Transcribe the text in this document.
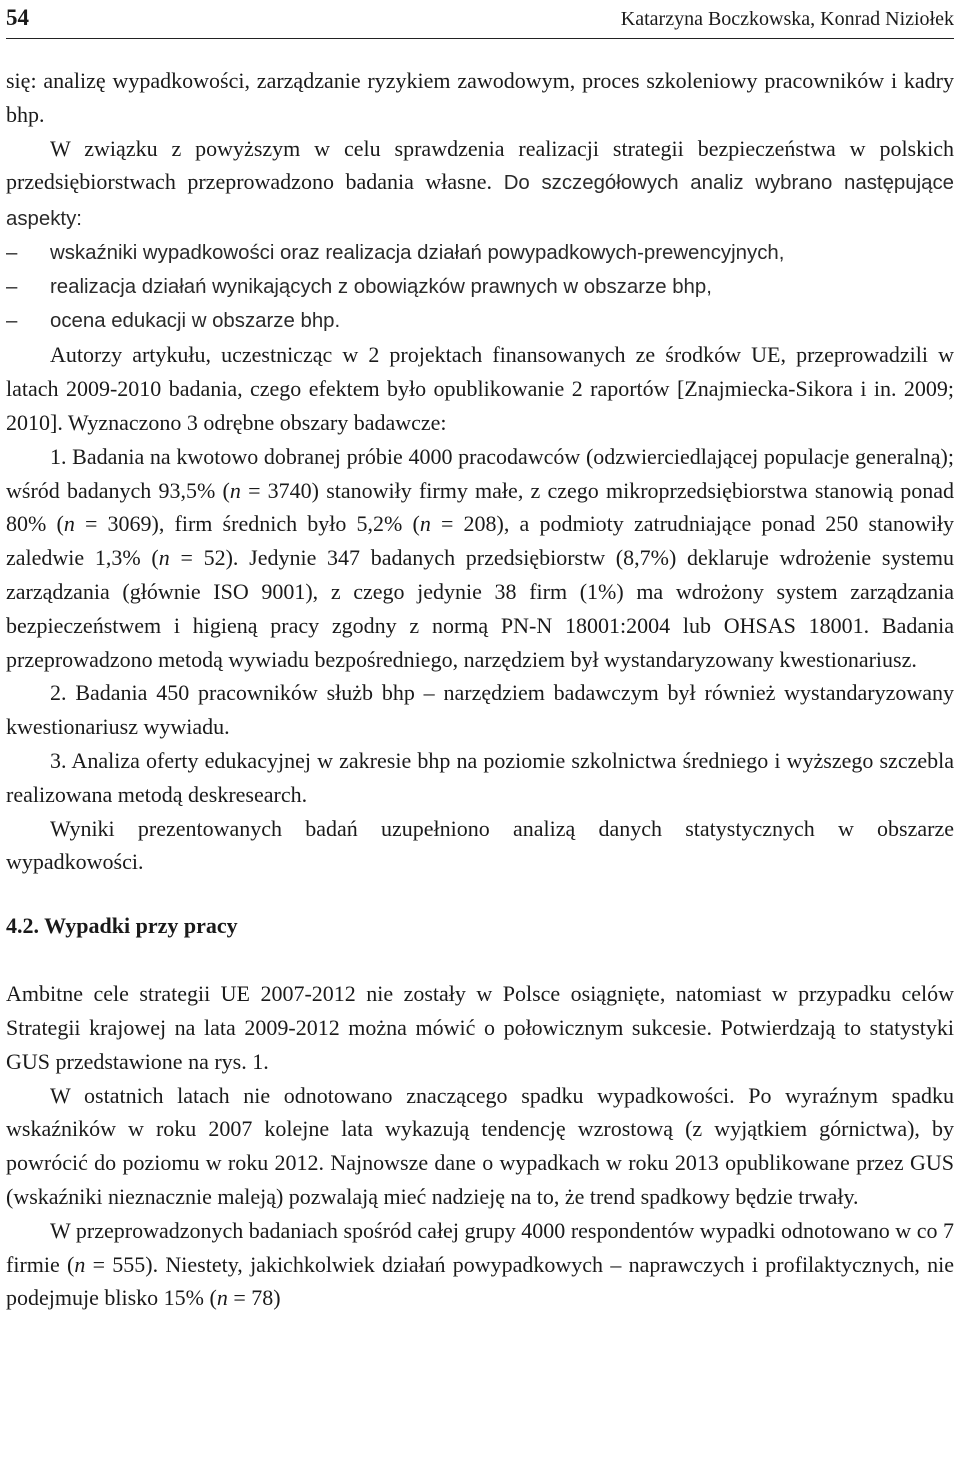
54	Katarzyna Boczkowska, Konrad Niziołek

się: analizę wypadkowości, zarządzanie ryzykiem zawodowym, proces szkoleniowy pracowników i kadry bhp.

W związku z powyższym w celu sprawdzenia realizacji strategii bezpieczeństwa w polskich przedsiębiorstwach przeprowadzono badania własne. Do szczegółowych analiz wybrano następujące aspekty:

– wskaźniki wypadkowości oraz realizacja działań powypadkowych-prewencyjnych,
– realizacja działań wynikających z obowiązków prawnych w obszarze bhp,
– ocena edukacji w obszarze bhp.

Autorzy artykułu, uczestnicząc w 2 projektach finansowanych ze środków UE, przeprowadzili w latach 2009-2010 badania, czego efektem było opublikowanie 2 raportów [Znajmiecka-Sikora i in. 2009; 2010]. Wyznaczono 3 odrębne obszary badawcze:

1. Badania na kwotowo dobranej próbie 4000 pracodawców (odzwierciedlającej populacje generalną); wśród badanych 93,5% (n = 3740) stanowiły firmy małe, z czego mikroprzedsiębiorstwa stanowią ponad 80% (n = 3069), firm średnich było 5,2% (n = 208), a podmioty zatrudniające ponad 250 stanowiły zaledwie 1,3% (n = 52). Jedynie 347 badanych przedsiębiorstw (8,7%) deklaruje wdrożenie systemu zarządzania (głównie ISO 9001), z czego jedynie 38 firm (1%) ma wdrożony system zarządzania bezpieczeństwem i higieną pracy zgodny z normą PN-N 18001:2004 lub OHSAS 18001. Badania przeprowadzono metodą wywiadu bezpośredniego, narzędziem był wystandaryzowany kwestionariusz.

2. Badania 450 pracowników służb bhp – narzędziem badawczym był również wystandaryzowany kwestionariusz wywiadu.

3. Analiza oferty edukacyjnej w zakresie bhp na poziomie szkolnictwa średniego i wyższego szczebla realizowana metodą deskresearch.

Wyniki prezentowanych badań uzupełniono analizą danych statystycznych w obszarze wypadkowości.

4.2. Wypadki przy pracy

Ambitne cele strategii UE 2007-2012 nie zostały w Polsce osiągnięte, natomiast w przypadku celów Strategii krajowej na lata 2009-2012 można mówić o połowicznym sukcesie. Potwierdzają to statystyki GUS przedstawione na rys. 1.

W ostatnich latach nie odnotowano znaczącego spadku wypadkowości. Po wyraźnym spadku wskaźników w roku 2007 kolejne lata wykazują tendencję wzrostową (z wyjątkiem górnictwa), by powrócić do poziomu w roku 2012. Najnowsze dane o wypadkach w roku 2013 opublikowane przez GUS (wskaźniki nieznacznie maleją) pozwalają mieć nadzieję na to, że trend spadkowy będzie trwały.

W przeprowadzonych badaniach spośród całej grupy 4000 respondentów wypadki odnotowano w co 7 firmie (n = 555). Niestety, jakichkolwiek działań powypadkowych – naprawczych i profilaktycznych, nie podejmuje blisko 15% (n = 78)
